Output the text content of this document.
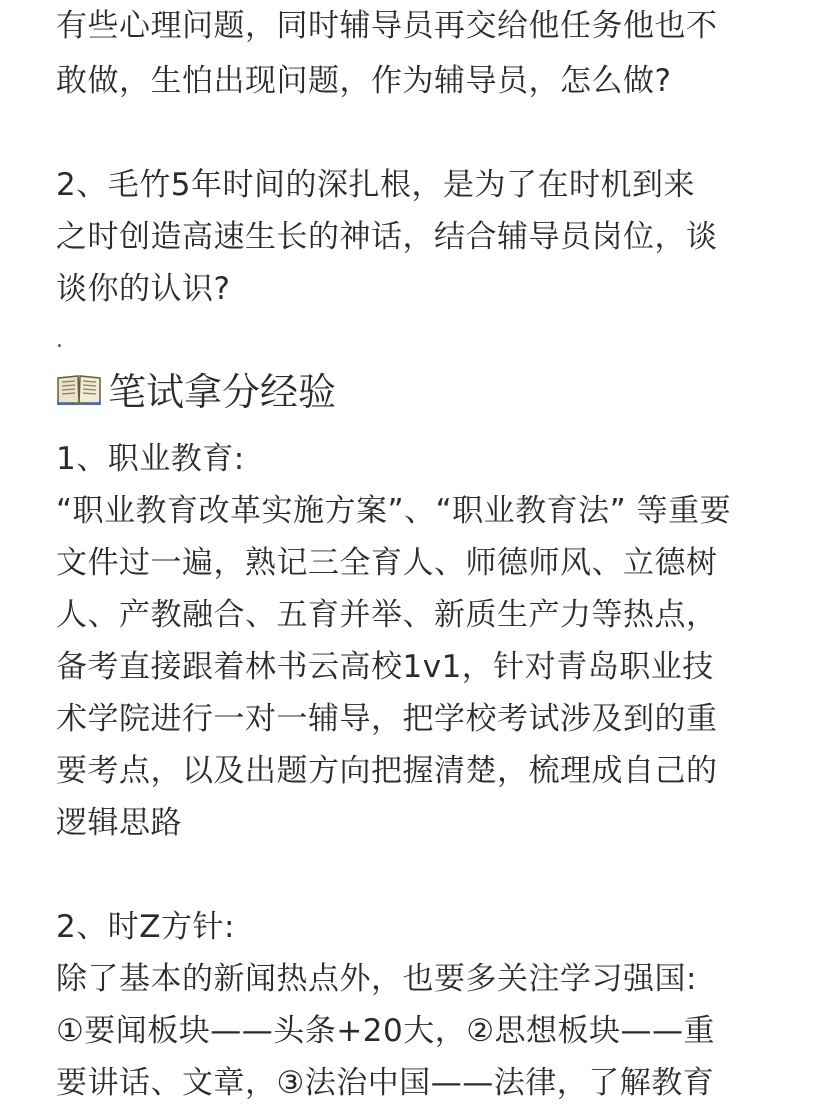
有些心理问题，同时辅导员再交给他任务他也不
敢做，生怕出现问题，作为辅导员，怎么做?
2、毛竹5年时间的深扎根，是为了在时机到来
之时创造高速生长的神话，结合辅导员岗位，谈
谈你的认识?
.
笔试拿分经验
1、职业教育:
“职业教育改革实施方案”、“职业教育法” 等重要
文件过一遍，熟记三全育人、师德师风、立德树
人、产教融合、五育并举、新质生产力等热点，
备考直接跟着林书云高校1v1，针对青岛职业技
术学院进行一对一辅导，把学校考试涉及到的重
要考点，以及出题方向把握清楚，梳理成自己的
逻辑思路
2、时Z方针:
除了基本的新闻热点外，也要多关注学习强国:
①要闻板块——头条+20大，②思想板块——重
要讲话、文章，③法治中国——法律，了解教育
